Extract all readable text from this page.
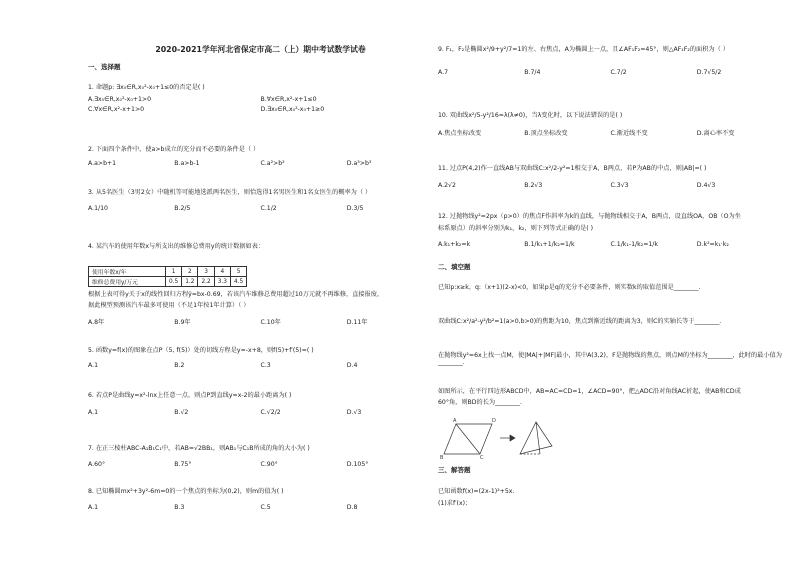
2020-2021学年河北省保定市高二（上）期中考试数学试卷
一、选择题
1. 命题p: ∃x₀∈R,x₀²-x₀+1≤0的否定是( )
A.∃x₀∈R,x₀²-x₀+1>0	B.∀x∈R,x²-x+1≤0
C.∀x∈R,x²-x+1>0	D.∃x₀∈R,x₀²-x₀+1≥0
2. 下面四个条件中，使a>b成立的充分而不必要的条件是（ ）
A.a>b+1	B.a>b-1	C.a²>b²	D.a³>b³
3. 从5名医生（3男2女）中随机等可能地选派两名医生，则恰选得1名男医生和1名女医生的概率为（ ）
A.1/10	B.2/5	C.1/2	D.3/5
4. 某汽车的使用年数x与所支出的维修总费用y的统计数据如表：
使用年数x/年	1	2	3	4	5
维修总费用y/万元	0.5	1.2	2.2	3.3	4.5
根据上表可得y关于x的线性回归方程ŷ=bx-0.69，若该汽车维修总费用超过10万元就不再维修，直接报废，
据此模型预测该汽车最多可使用（不足1年按1年计算）（ ）
A.8年	B.9年	C.10年	D.11年
5. 函数y=f(x)的图象在点P（5, f(5)）处的切线方程是y=-x+8，则f(5)+f′(5)=( )
A.1	B.2	C.3	D.4
6. 若点P是曲线y=x²-lnx上任意一点，则点P到直线y=x-2的最小距离为( )
A.1	B.√2	C.√2/2	D.√3
7. 在正三棱柱ABC-A₁B₁C₁中，若AB=√2BB₁，则AB₁与C₁B所成的角的大小为( )
A.60°	B.75°	C.90°	D.105°
8. 已知椭圆mx²+3y²-6m=0的一个焦点的坐标为(0,2)，则m的值为( )
A.1	B.3	C.5	D.8
9. F₁，F₂是椭圆x²/9+y²/7=1的左、右焦点，A为椭圆上一点，且∠AF₁F₂=45°，则△AF₁F₂的面积为（ ）
A.7	B.7/4	C.7/2	D.7√5/2
10. 双曲线x²/5-y²/16=λ(λ≠0)，当λ变化时，以下说法错误的是( )
A.焦点坐标改变	B.顶点坐标改变	C.渐近线不变	D.离心率不变
11. 过点P(4,2)作一直线AB与双曲线C:x²/2-y²=1相交于A，B两点，若P为AB的中点，则|AB|=( )
A.2√2	B.2√3	C.3√3	D.4√3
12. 过抛物线y²=2px（p>0）的焦点F作斜率为k的直线，与抛物线相交于A，B两点，设直线OA，OB（O为坐
标系原点）的斜率分别为k₁，k₂，则下列等式正确的是( )
A.k₁+k₂=k	B.1/k₁+1/k₂=1/k	C.1/k₁-1/k₂=1/k	D.k²=k₁·k₂
二、填空题
已知p:x≥k，q:（x+1)(2-x)<0，如果p是q的充分不必要条件，则实数k的取值范围是________.
双曲线C:x²/a²-y²/b²=1(a>0,b>0)的焦距为10，焦点到渐近线的距离为3，则C的实轴长等于________.
在抛物线y²=6x上找一点M，使|MA|+|MF|最小，其中A(3,2)，F是抛物线的焦点，则点M的坐标为________，此时的最小值为________.
如图所示，在平行四边形ABCD中，AB=AC=CD=1，∠ACD=90°，把△ADC沿对角线AC折起，使AB和CD成
60°角，则BD的长为________.
B
A	D
C
三、解答题
已知函数f(x)=(2x-1)²+5x.
(1)求f′(x)；
